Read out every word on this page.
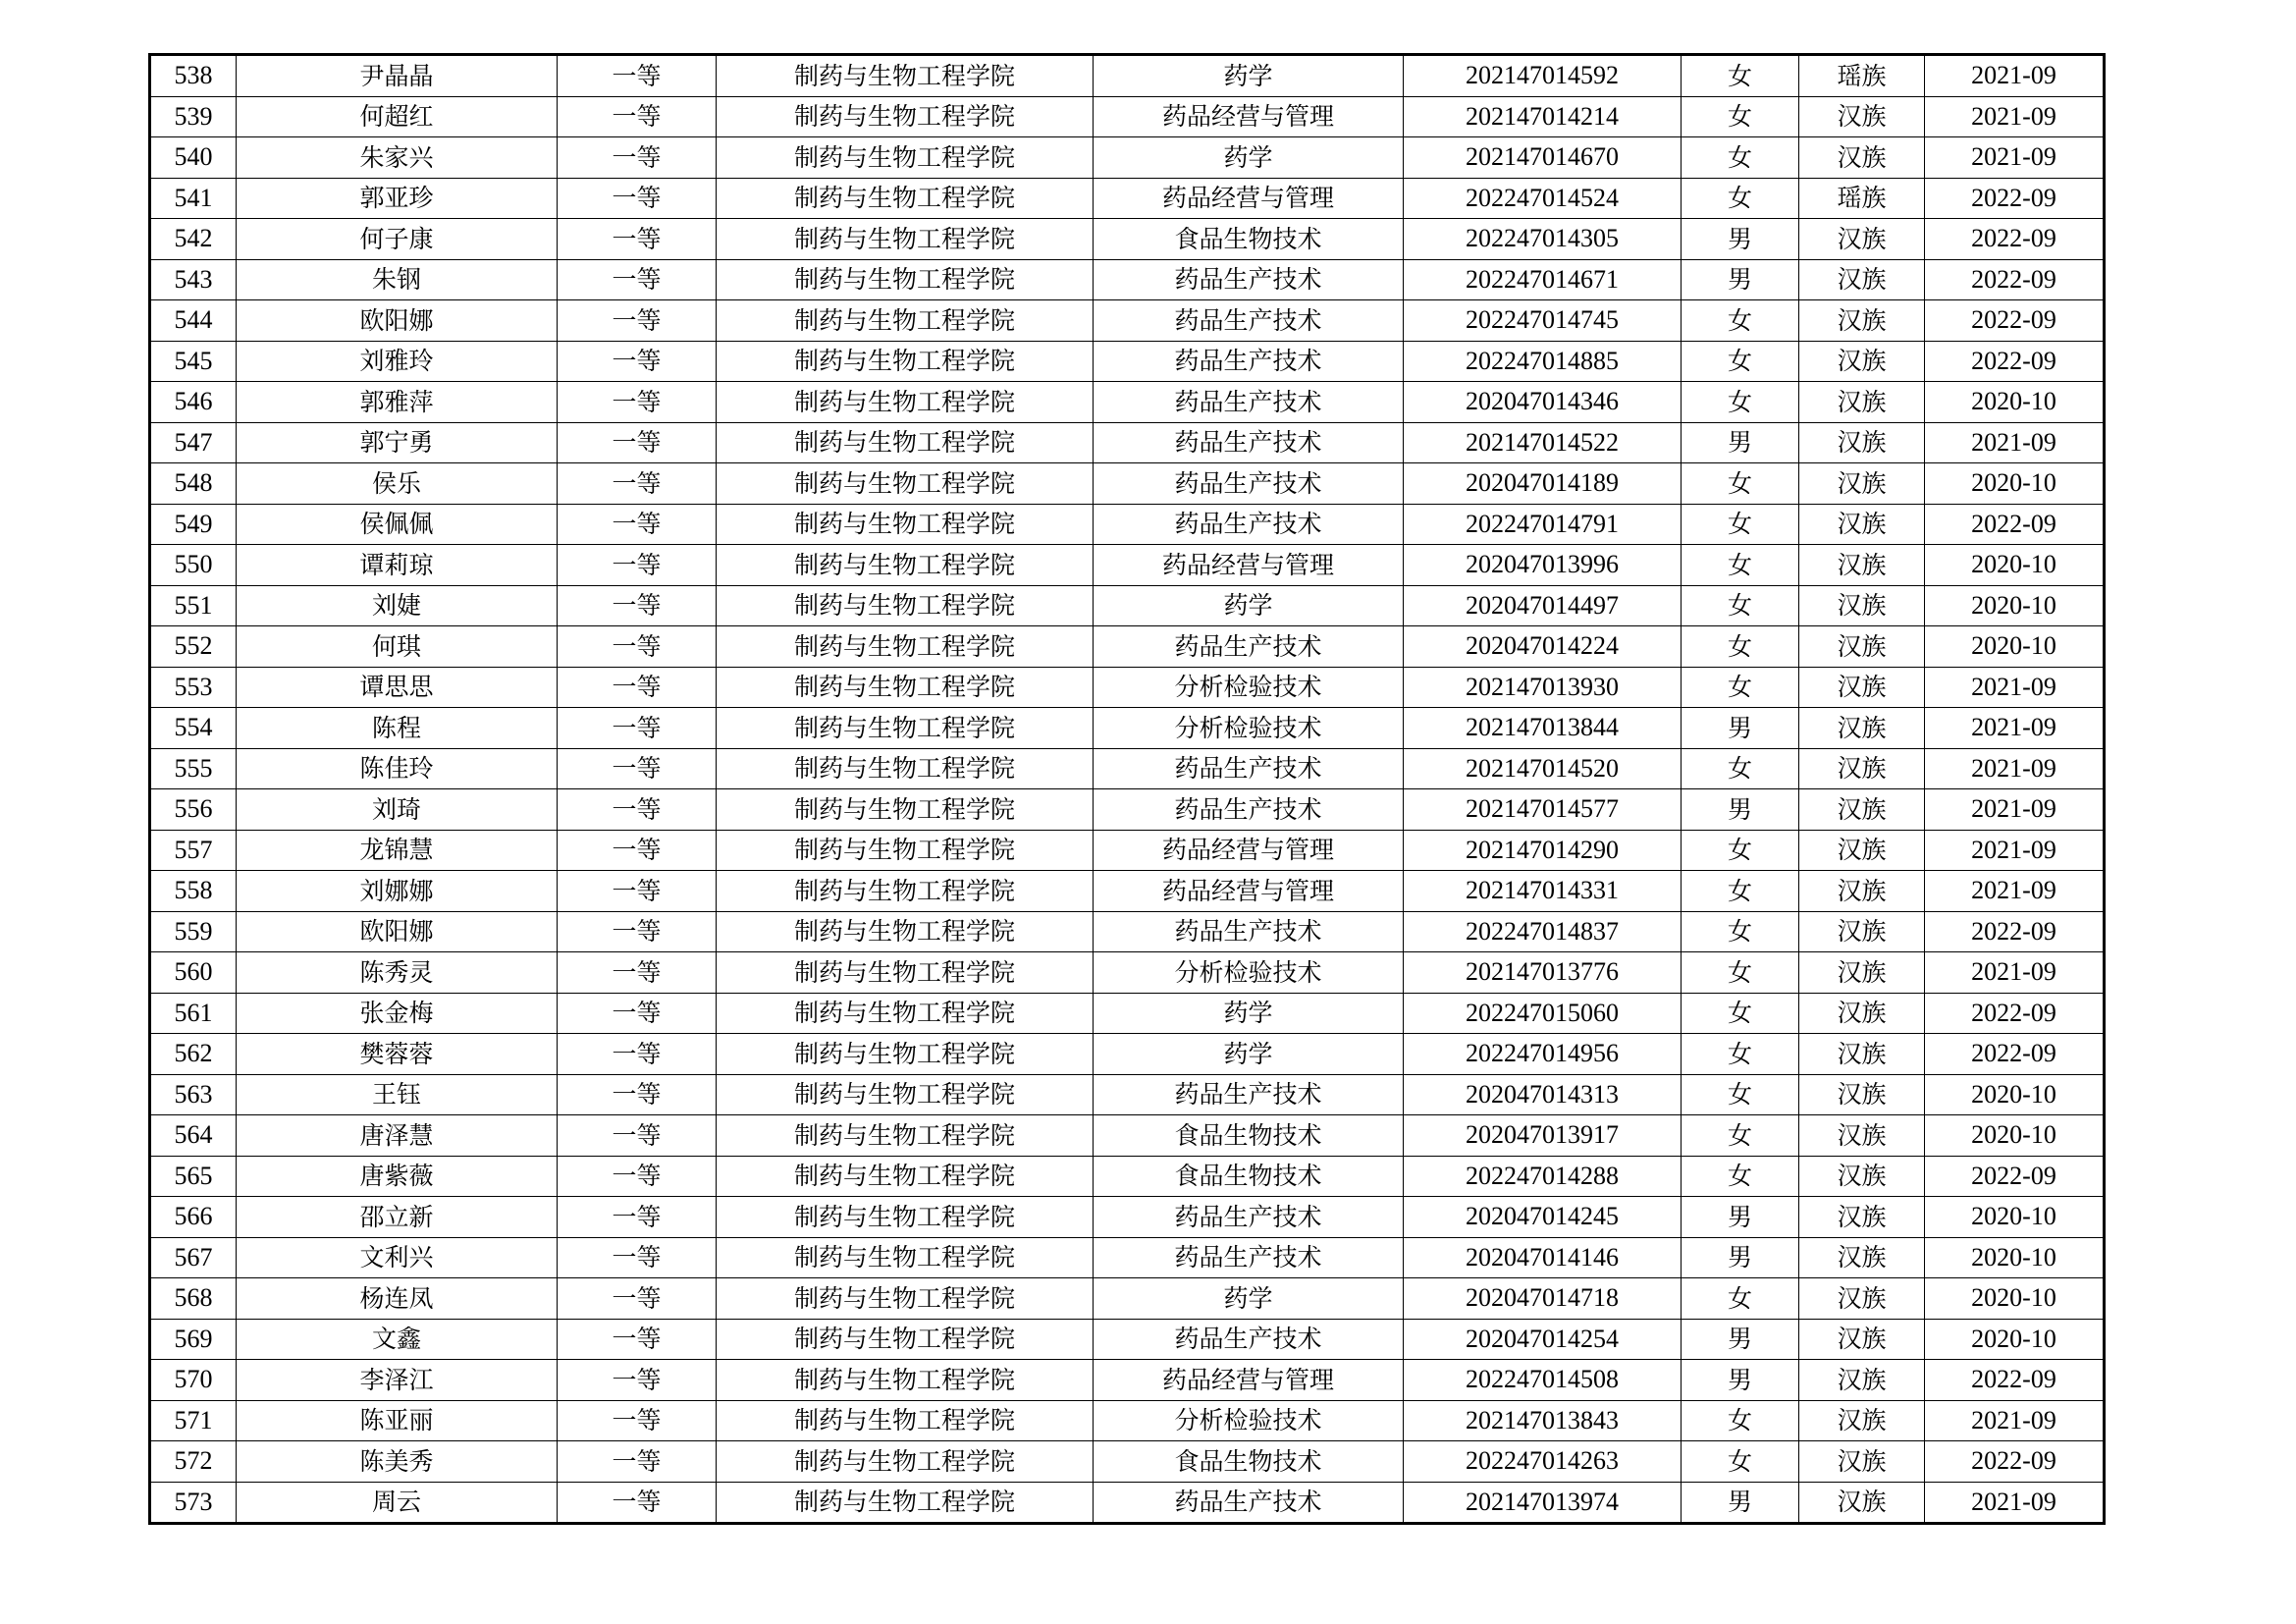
538	尹晶晶	一等	制药与生物工程学院	药学	202147014592	女	瑶族	2021-09
539	何超红	一等	制药与生物工程学院	药品经营与管理	202147014214	女	汉族	2021-09
540	朱家兴	一等	制药与生物工程学院	药学	202147014670	女	汉族	2021-09
541	郭亚珍	一等	制药与生物工程学院	药品经营与管理	202247014524	女	瑶族	2022-09
542	何子康	一等	制药与生物工程学院	食品生物技术	202247014305	男	汉族	2022-09
543	朱钢	一等	制药与生物工程学院	药品生产技术	202247014671	男	汉族	2022-09
544	欧阳娜	一等	制药与生物工程学院	药品生产技术	202247014745	女	汉族	2022-09
545	刘雅玲	一等	制药与生物工程学院	药品生产技术	202247014885	女	汉族	2022-09
546	郭雅萍	一等	制药与生物工程学院	药品生产技术	202047014346	女	汉族	2020-10
547	郭宁勇	一等	制药与生物工程学院	药品生产技术	202147014522	男	汉族	2021-09
548	侯乐	一等	制药与生物工程学院	药品生产技术	202047014189	女	汉族	2020-10
549	侯佩佩	一等	制药与生物工程学院	药品生产技术	202247014791	女	汉族	2022-09
550	谭莉琼	一等	制药与生物工程学院	药品经营与管理	202047013996	女	汉族	2020-10
551	刘婕	一等	制药与生物工程学院	药学	202047014497	女	汉族	2020-10
552	何琪	一等	制药与生物工程学院	药品生产技术	202047014224	女	汉族	2020-10
553	谭思思	一等	制药与生物工程学院	分析检验技术	202147013930	女	汉族	2021-09
554	陈程	一等	制药与生物工程学院	分析检验技术	202147013844	男	汉族	2021-09
555	陈佳玲	一等	制药与生物工程学院	药品生产技术	202147014520	女	汉族	2021-09
556	刘琦	一等	制药与生物工程学院	药品生产技术	202147014577	男	汉族	2021-09
557	龙锦慧	一等	制药与生物工程学院	药品经营与管理	202147014290	女	汉族	2021-09
558	刘娜娜	一等	制药与生物工程学院	药品经营与管理	202147014331	女	汉族	2021-09
559	欧阳娜	一等	制药与生物工程学院	药品生产技术	202247014837	女	汉族	2022-09
560	陈秀灵	一等	制药与生物工程学院	分析检验技术	202147013776	女	汉族	2021-09
561	张金梅	一等	制药与生物工程学院	药学	202247015060	女	汉族	2022-09
562	樊蓉蓉	一等	制药与生物工程学院	药学	202247014956	女	汉族	2022-09
563	王钰	一等	制药与生物工程学院	药品生产技术	202047014313	女	汉族	2020-10
564	唐泽慧	一等	制药与生物工程学院	食品生物技术	202047013917	女	汉族	2020-10
565	唐紫薇	一等	制药与生物工程学院	食品生物技术	202247014288	女	汉族	2022-09
566	邵立新	一等	制药与生物工程学院	药品生产技术	202047014245	男	汉族	2020-10
567	文利兴	一等	制药与生物工程学院	药品生产技术	202047014146	男	汉族	2020-10
568	杨连凤	一等	制药与生物工程学院	药学	202047014718	女	汉族	2020-10
569	文鑫	一等	制药与生物工程学院	药品生产技术	202047014254	男	汉族	2020-10
570	李泽江	一等	制药与生物工程学院	药品经营与管理	202247014508	男	汉族	2022-09
571	陈亚丽	一等	制药与生物工程学院	分析检验技术	202147013843	女	汉族	2021-09
572	陈美秀	一等	制药与生物工程学院	食品生物技术	202247014263	女	汉族	2022-09
573	周云	一等	制药与生物工程学院	药品生产技术	202147013974	男	汉族	2021-09
